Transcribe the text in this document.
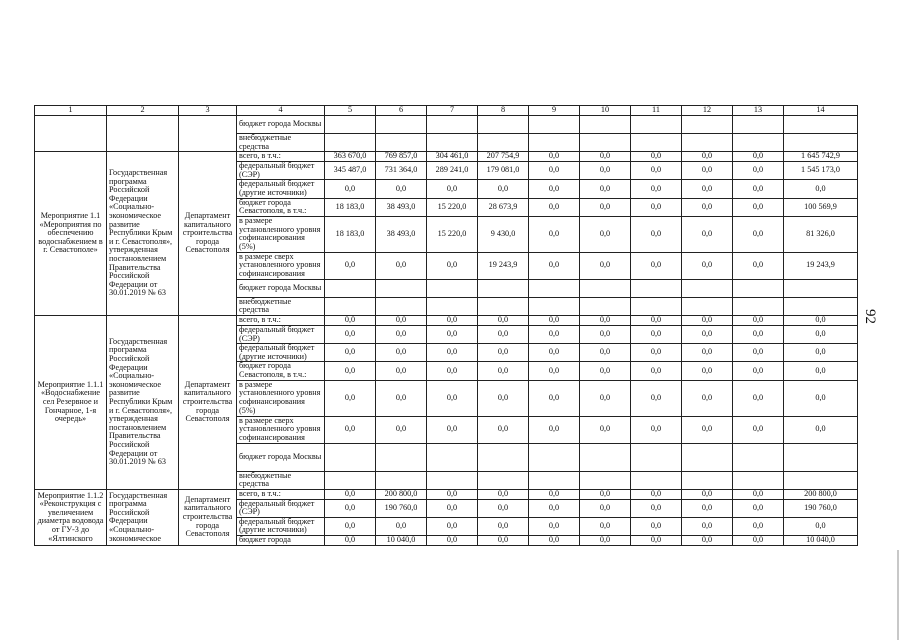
1	2	3	4	5	6	7	8	9	10	11	12	13	14
			бюджет города Москвы										
			внебюджетные средства										
Мероприятие 1.1 «Мероприятия по обеспечению водоснабжением в г. Севастополе»	Государственная программа Российской Федерации «Социально-экономическое развитие Республики Крым и г. Севастополя», утвержденная постановлением Правительства Российской Федерации от 30.01.2019 № 63	Департамент капитального строительства города Севастополя	всего, в т.ч.:	363 670,0	769 857,0	304 461,0	207 754,9	0,0	0,0	0,0	0,0	0,0	1 645 742,9
			федеральный бюджет (СЭР)	345 487,0	731 364,0	289 241,0	179 081,0	0,0	0,0	0,0	0,0	0,0	1 545 173,0
			федеральный бюджет (другие источники)	0,0	0,0	0,0	0,0	0,0	0,0	0,0	0,0	0,0	0,0
			бюджет города Севастополя, в т.ч.:	18 183,0	38 493,0	15 220,0	28 673,9	0,0	0,0	0,0	0,0	0,0	100 569,9
			в размере установленного уровня софинансирования (5%)	18 183,0	38 493,0	15 220,0	9 430,0	0,0	0,0	0,0	0,0	0,0	81 326,0
			в размере сверх установленного уровня софинансирования	0,0	0,0	0,0	19 243,9	0,0	0,0	0,0	0,0	0,0	19 243,9
			бюджет города Москвы										
			внебюджетные средства										
Мероприятие 1.1.1 «Водоснабжение сел Резервное и Гончарное, 1-я очередь»	Государственная программа Российской Федерации «Социально-экономическое развитие Республики Крым и г. Севастополя», утвержденная постановлением Правительства Российской Федерации от 30.01.2019 № 63	Департамент капитального строительства города Севастополя	всего, в т.ч.:	0,0	0,0	0,0	0,0	0,0	0,0	0,0	0,0	0,0	0,0
			федеральный бюджет (СЭР)	0,0	0,0	0,0	0,0	0,0	0,0	0,0	0,0	0,0	0,0
			федеральный бюджет (другие источники)	0,0	0,0	0,0	0,0	0,0	0,0	0,0	0,0	0,0	0,0
			бюджет города Севастополя, в т.ч.:	0,0	0,0	0,0	0,0	0,0	0,0	0,0	0,0	0,0	0,0
			в размере установленного уровня софинансирования (5%)	0,0	0,0	0,0	0,0	0,0	0,0	0,0	0,0	0,0	0,0
			в размере сверх установленного уровня софинансирования	0,0	0,0	0,0	0,0	0,0	0,0	0,0	0,0	0,0	0,0
			бюджет города Москвы										
			внебюджетные средства										
Мероприятие 1.1.2 «Реконструкция с увеличением диаметра водовода от ГУ-3 до «Ялтинского	Государственная программа Российской Федерации «Социально-экономическое	Департамент капитального строительства города Севастополя	всего, в т.ч.:	0,0	200 800,0	0,0	0,0	0,0	0,0	0,0	0,0	0,0	200 800,0
			федеральный бюджет (СЭР)	0,0	190 760,0	0,0	0,0	0,0	0,0	0,0	0,0	0,0	190 760,0
			федеральный бюджет (другие источники)	0,0	0,0	0,0	0,0	0,0	0,0	0,0	0,0	0,0	0,0
			бюджет города	0,0	10 040,0	0,0	0,0	0,0	0,0	0,0	0,0	0,0	10 040,0
92
